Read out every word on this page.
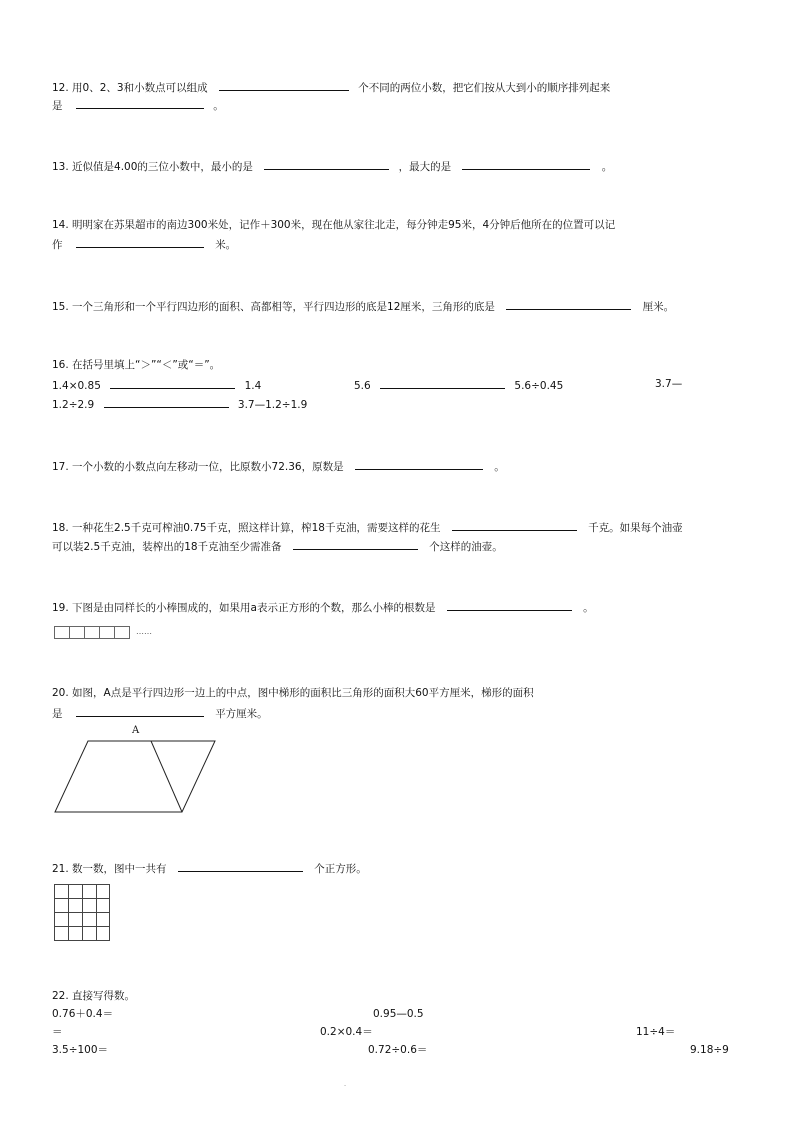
12. 用0、2、3和小数点可以组成	个不同的两位小数，把它们按从大到小的顺序排列起来
是	。
13. 近似值是4.00的三位小数中，最小的是	，最大的是	。
14. 明明家在苏果超市的南边300米处，记作＋300米，现在他从家往北走，每分钟走95米，4分钟后他所在的位置可以记
作	米。
15. 一个三角形和一个平行四边形的面积、高都相等，平行四边形的底是12厘米，三角形的底是	厘米。
16. 在括号里填上“＞”“＜”或“＝”。
1.4×0.85	1.4	5.6	5.6÷0.45	3.7—
1.2÷2.9	3.7—1.2÷1.9
17. 一个小数的小数点向左移动一位，比原数小72.36，原数是	。
18. 一种花生2.5千克可榨油0.75千克，照这样计算，榨18千克油，需要这样的花生	千克。如果每个油壶
可以装2.5千克油，装榨出的18千克油至少需准备	个这样的油壶。
19. 下图是由同样长的小棒围成的，如果用a表示正方形的个数，那么小棒的根数是	。
……
20. 如图，A点是平行四边形一边上的中点，图中梯形的面积比三角形的面积大60平方厘米，梯形的面积
是	平方厘米。
A
21. 数一数，图中一共有	个正方形。
22. 直接写得数。
0.76＋0.4＝	0.95—0.5
＝	0.2×0.4＝	11÷4＝
3.5÷100＝	0.72÷0.6＝	9.18÷9
-
